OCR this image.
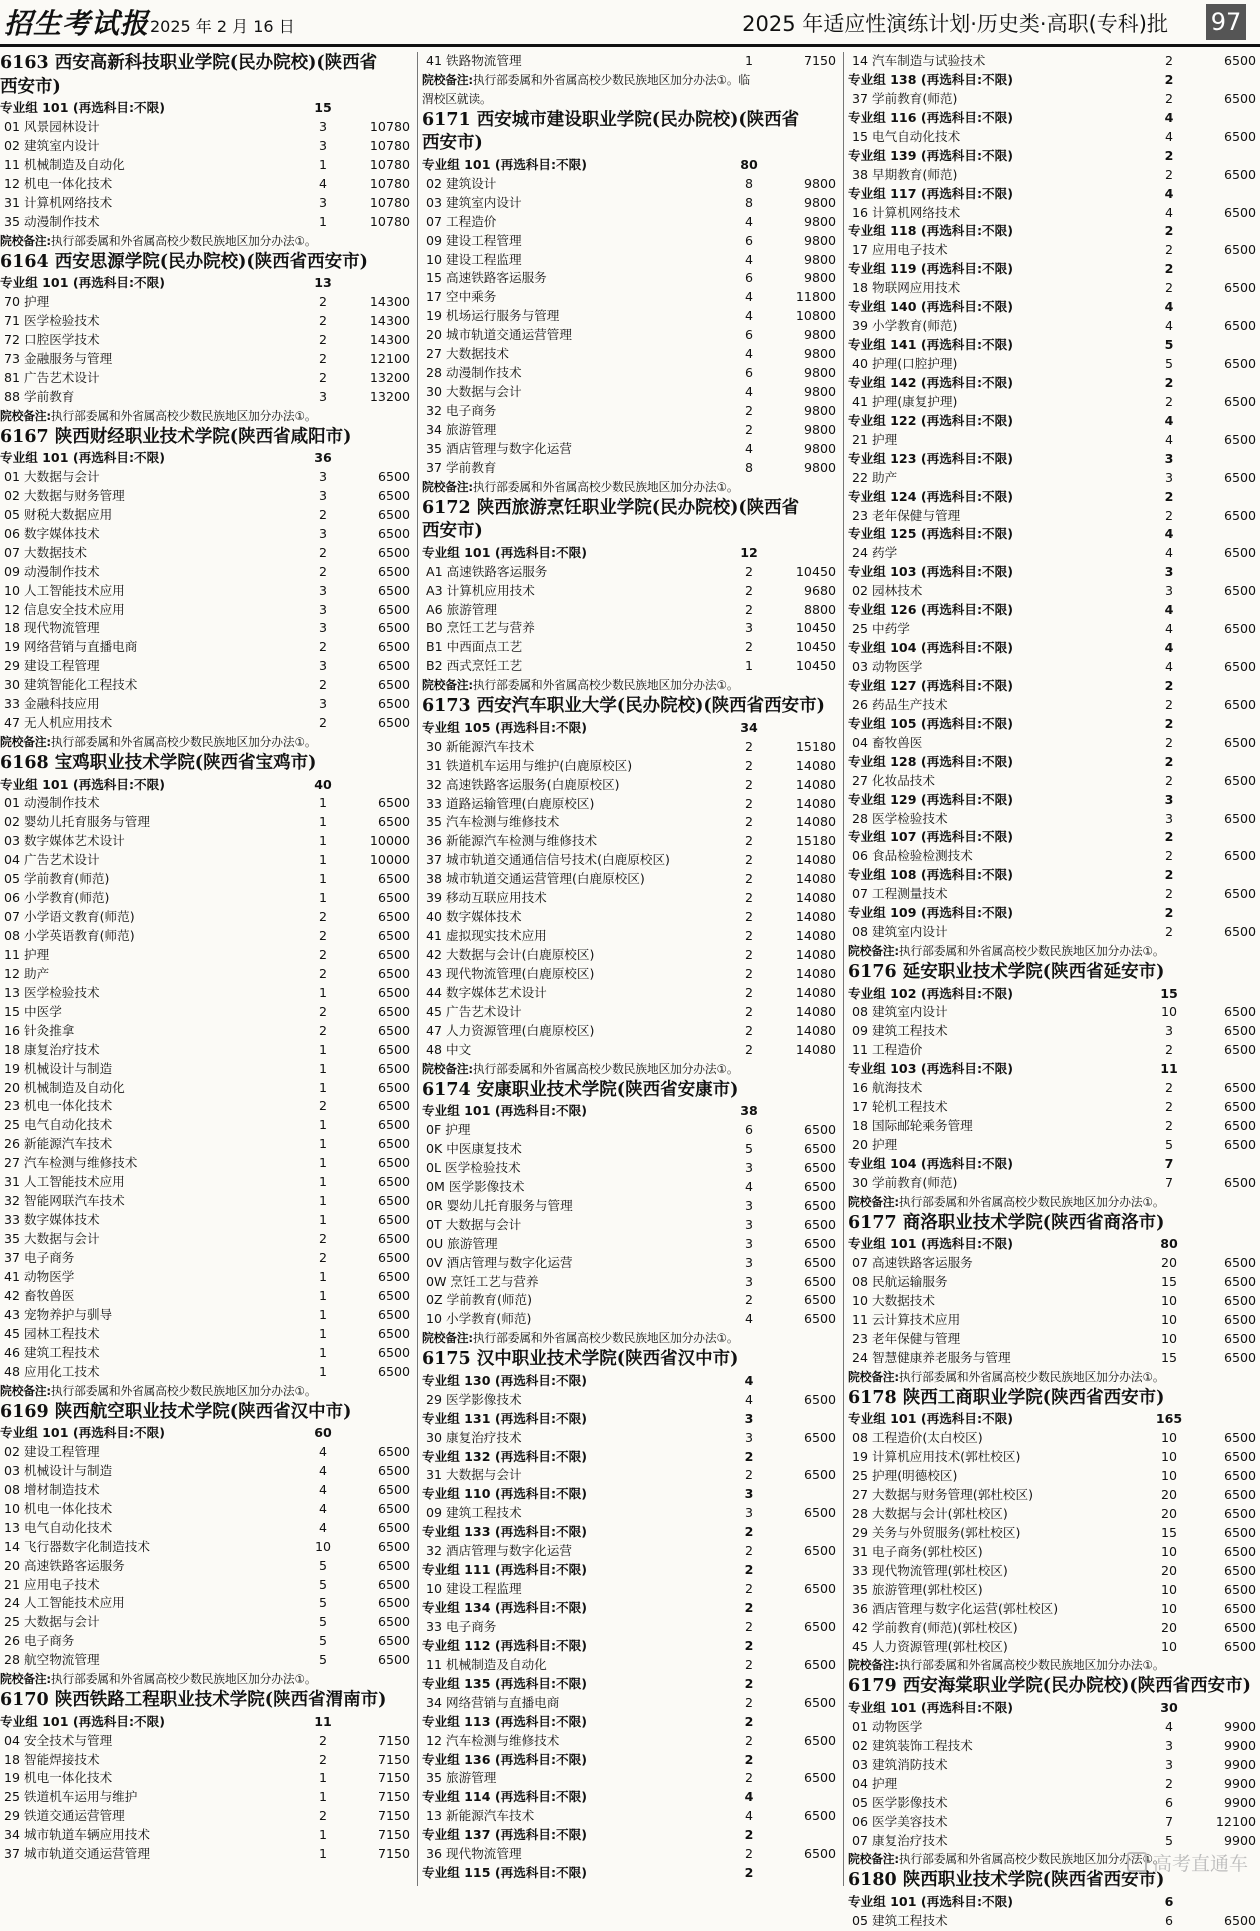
招生考试报 2025 年 2 月 16 日	2025 年适应性演练计划·历史类·高职(专科)批 97
6163 西安高新科技职业学院(民办院校)(陕西省
西安市)
专业组 101 (再选科目:不限)	15
01 风景园林设计	3	10780
02 建筑室内设计	3	10780
11 机械制造及自动化	1	10780
12 机电一体化技术	4	10780
31 计算机网络技术	3	10780
35 动漫制作技术	1	10780
院校备注:执行部委属和外省属高校少数民族地区加分办法①。
6164 西安思源学院(民办院校)(陕西省西安市)
专业组 101 (再选科目:不限)	13
70 护理	2	14300
71 医学检验技术	2	14300
72 口腔医学技术	2	14300
73 金融服务与管理	2	12100
81 广告艺术设计	2	13200
88 学前教育	3	13200
院校备注:执行部委属和外省属高校少数民族地区加分办法①。
6167 陕西财经职业技术学院(陕西省咸阳市)
专业组 101 (再选科目:不限)	36
01 大数据与会计	3	6500
02 大数据与财务管理	3	6500
05 财税大数据应用	2	6500
06 数字媒体技术	3	6500
07 大数据技术	2	6500
09 动漫制作技术	2	6500
10 人工智能技术应用	3	6500
12 信息安全技术应用	3	6500
18 现代物流管理	3	6500
19 网络营销与直播电商	2	6500
29 建设工程管理	3	6500
30 建筑智能化工程技术	2	6500
33 金融科技应用	3	6500
47 无人机应用技术	2	6500
院校备注:执行部委属和外省属高校少数民族地区加分办法①。
6168 宝鸡职业技术学院(陕西省宝鸡市)
专业组 101 (再选科目:不限)	40
01 动漫制作技术	1	6500
02 婴幼儿托育服务与管理	1	6500
03 数字媒体艺术设计	1	10000
04 广告艺术设计	1	10000
05 学前教育(师范)	1	6500
06 小学教育(师范)	1	6500
07 小学语文教育(师范)	2	6500
08 小学英语教育(师范)	2	6500
11 护理	2	6500
12 助产	2	6500
13 医学检验技术	1	6500
15 中医学	2	6500
16 针灸推拿	2	6500
18 康复治疗技术	1	6500
19 机械设计与制造	1	6500
20 机械制造及自动化	1	6500
23 机电一体化技术	2	6500
25 电气自动化技术	1	6500
26 新能源汽车技术	1	6500
27 汽车检测与维修技术	1	6500
31 人工智能技术应用	1	6500
32 智能网联汽车技术	1	6500
33 数字媒体技术	1	6500
35 大数据与会计	2	6500
37 电子商务	2	6500
41 动物医学	1	6500
42 畜牧兽医	1	6500
43 宠物养护与驯导	1	6500
45 园林工程技术	1	6500
46 建筑工程技术	1	6500
48 应用化工技术	1	6500
院校备注:执行部委属和外省属高校少数民族地区加分办法①。
6169 陕西航空职业技术学院(陕西省汉中市)
专业组 101 (再选科目:不限)	60
02 建设工程管理	4	6500
03 机械设计与制造	4	6500
08 增材制造技术	4	6500
10 机电一体化技术	4	6500
13 电气自动化技术	4	6500
14 飞行器数字化制造技术	10	6500
20 高速铁路客运服务	5	6500
21 应用电子技术	5	6500
24 人工智能技术应用	5	6500
25 大数据与会计	5	6500
26 电子商务	5	6500
28 航空物流管理	5	6500
院校备注:执行部委属和外省属高校少数民族地区加分办法①。
6170 陕西铁路工程职业技术学院(陕西省渭南市)
专业组 101 (再选科目:不限)	11
04 安全技术与管理	2	7150
18 智能焊接技术	2	7150
19 机电一体化技术	1	7150
25 铁道机车运用与维护	1	7150
29 铁道交通运营管理	2	7150
34 城市轨道车辆应用技术	1	7150
37 城市轨道交通运营管理	1	7150
41 铁路物流管理	1	7150
院校备注:执行部委属和外省属高校少数民族地区加分办法①。临
渭校区就读。
6171 西安城市建设职业学院(民办院校)(陕西省
西安市)
专业组 101 (再选科目:不限)	80
02 建筑设计	8	9800
03 建筑室内设计	8	9800
07 工程造价	4	9800
09 建设工程管理	6	9800
10 建设工程监理	4	9800
15 高速铁路客运服务	6	9800
17 空中乘务	4	11800
19 机场运行服务与管理	4	10800
20 城市轨道交通运营管理	6	9800
27 大数据技术	4	9800
28 动漫制作技术	6	9800
30 大数据与会计	4	9800
32 电子商务	2	9800
34 旅游管理	2	9800
35 酒店管理与数字化运营	4	9800
37 学前教育	8	9800
院校备注:执行部委属和外省属高校少数民族地区加分办法①。
6172 陕西旅游烹饪职业学院(民办院校)(陕西省
西安市)
专业组 101 (再选科目:不限)	12
A1 高速铁路客运服务	2	10450
A3 计算机应用技术	2	9680
A6 旅游管理	2	8800
B0 烹饪工艺与营养	3	10450
B1 中西面点工艺	2	10450
B2 西式烹饪工艺	1	10450
院校备注:执行部委属和外省属高校少数民族地区加分办法①。
6173 西安汽车职业大学(民办院校)(陕西省西安市)
专业组 105 (再选科目:不限)	34
30 新能源汽车技术	2	15180
31 铁道机车运用与维护(白鹿原校区)	2	14080
32 高速铁路客运服务(白鹿原校区)	2	14080
33 道路运输管理(白鹿原校区)	2	14080
35 汽车检测与维修技术	2	14080
36 新能源汽车检测与维修技术	2	15180
37 城市轨道交通通信信号技术(白鹿原校区)	2	14080
38 城市轨道交通运营管理(白鹿原校区)	2	14080
39 移动互联应用技术	2	14080
40 数字媒体技术	2	14080
41 虚拟现实技术应用	2	14080
42 大数据与会计(白鹿原校区)	2	14080
43 现代物流管理(白鹿原校区)	2	14080
44 数字媒体艺术设计	2	14080
45 广告艺术设计	2	14080
47 人力资源管理(白鹿原校区)	2	14080
48 中文	2	14080
院校备注:执行部委属和外省属高校少数民族地区加分办法①。
6174 安康职业技术学院(陕西省安康市)
专业组 101 (再选科目:不限)	38
0F 护理	6	6500
0K 中医康复技术	5	6500
0L 医学检验技术	3	6500
0M 医学影像技术	4	6500
0R 婴幼儿托育服务与管理	3	6500
0T 大数据与会计	3	6500
0U 旅游管理	3	6500
0V 酒店管理与数字化运营	3	6500
0W 烹饪工艺与营养	3	6500
0Z 学前教育(师范)	2	6500
10 小学教育(师范)	4	6500
院校备注:执行部委属和外省属高校少数民族地区加分办法①。
6175 汉中职业技术学院(陕西省汉中市)
专业组 130 (再选科目:不限)	4
29 医学影像技术	4	6500
专业组 131 (再选科目:不限)	3
30 康复治疗技术	3	6500
专业组 132 (再选科目:不限)	2
31 大数据与会计	2	6500
专业组 110 (再选科目:不限)	3
09 建筑工程技术	3	6500
专业组 133 (再选科目:不限)	2
32 酒店管理与数字化运营	2	6500
专业组 111 (再选科目:不限)	2
10 建设工程监理	2	6500
专业组 134 (再选科目:不限)	2
33 电子商务	2	6500
专业组 112 (再选科目:不限)	2
11 机械制造及自动化	2	6500
专业组 135 (再选科目:不限)	2
34 网络营销与直播电商	2	6500
专业组 113 (再选科目:不限)	2
12 汽车检测与维修技术	2	6500
专业组 136 (再选科目:不限)	2
35 旅游管理	2	6500
专业组 114 (再选科目:不限)	4
13 新能源汽车技术	4	6500
专业组 137 (再选科目:不限)	2
36 现代物流管理	2	6500
专业组 115 (再选科目:不限)	2
14 汽车制造与试验技术	2	6500
专业组 138 (再选科目:不限)	2
37 学前教育(师范)	2	6500
专业组 116 (再选科目:不限)	4
15 电气自动化技术	4	6500
专业组 139 (再选科目:不限)	2
38 早期教育(师范)	2	6500
专业组 117 (再选科目:不限)	4
16 计算机网络技术	4	6500
专业组 118 (再选科目:不限)	2
17 应用电子技术	2	6500
专业组 119 (再选科目:不限)	2
18 物联网应用技术	2	6500
专业组 140 (再选科目:不限)	4
39 小学教育(师范)	4	6500
专业组 141 (再选科目:不限)	5
40 护理(口腔护理)	5	6500
专业组 142 (再选科目:不限)	2
41 护理(康复护理)	2	6500
专业组 122 (再选科目:不限)	4
21 护理	4	6500
专业组 123 (再选科目:不限)	3
22 助产	3	6500
专业组 124 (再选科目:不限)	2
23 老年保健与管理	2	6500
专业组 125 (再选科目:不限)	4
24 药学	4	6500
专业组 103 (再选科目:不限)	3
02 园林技术	3	6500
专业组 126 (再选科目:不限)	4
25 中药学	4	6500
专业组 104 (再选科目:不限)	4
03 动物医学	4	6500
专业组 127 (再选科目:不限)	2
26 药品生产技术	2	6500
专业组 105 (再选科目:不限)	2
04 畜牧兽医	2	6500
专业组 128 (再选科目:不限)	2
27 化妆品技术	2	6500
专业组 129 (再选科目:不限)	3
28 医学检验技术	3	6500
专业组 107 (再选科目:不限)	2
06 食品检验检测技术	2	6500
专业组 108 (再选科目:不限)	2
07 工程测量技术	2	6500
专业组 109 (再选科目:不限)	2
08 建筑室内设计	2	6500
院校备注:执行部委属和外省属高校少数民族地区加分办法①。
6176 延安职业技术学院(陕西省延安市)
专业组 102 (再选科目:不限)	15
08 建筑室内设计	10	6500
09 建筑工程技术	3	6500
11 工程造价	2	6500
专业组 103 (再选科目:不限)	11
16 航海技术	2	6500
17 轮机工程技术	2	6500
18 国际邮轮乘务管理	2	6500
20 护理	5	6500
专业组 104 (再选科目:不限)	7
30 学前教育(师范)	7	6500
院校备注:执行部委属和外省属高校少数民族地区加分办法①。
6177 商洛职业技术学院(陕西省商洛市)
专业组 101 (再选科目:不限)	80
07 高速铁路客运服务	20	6500
08 民航运输服务	15	6500
10 大数据技术	10	6500
11 云计算技术应用	10	6500
23 老年保健与管理	10	6500
24 智慧健康养老服务与管理	15	6500
院校备注:执行部委属和外省属高校少数民族地区加分办法①。
6178 陕西工商职业学院(陕西省西安市)
专业组 101 (再选科目:不限)	165
08 工程造价(太白校区)	10	6500
19 计算机应用技术(郭杜校区)	10	6500
25 护理(明德校区)	10	6500
27 大数据与财务管理(郭杜校区)	20	6500
28 大数据与会计(郭杜校区)	20	6500
29 关务与外贸服务(郭杜校区)	15	6500
31 电子商务(郭杜校区)	10	6500
33 现代物流管理(郭杜校区)	20	6500
35 旅游管理(郭杜校区)	10	6500
36 酒店管理与数字化运营(郭杜校区)	10	6500
42 学前教育(师范)(郭杜校区)	20	6500
45 人力资源管理(郭杜校区)	10	6500
院校备注:执行部委属和外省属高校少数民族地区加分办法①。
6179 西安海棠职业学院(民办院校)(陕西省西安市)
专业组 101 (再选科目:不限)	30
01 动物医学	4	9900
02 建筑装饰工程技术	3	9900
03 建筑消防技术	3	9900
04 护理	2	9900
05 医学影像技术	6	9900
06 医学美容技术	7	12100
07 康复治疗技术	5	9900
院校备注:执行部委属和外省属高校少数民族地区加分办法①。
6180 陕西职业技术学院(陕西省西安市)
专业组 101 (再选科目:不限)	6
05 建筑工程技术	6	6500
高考直通车
